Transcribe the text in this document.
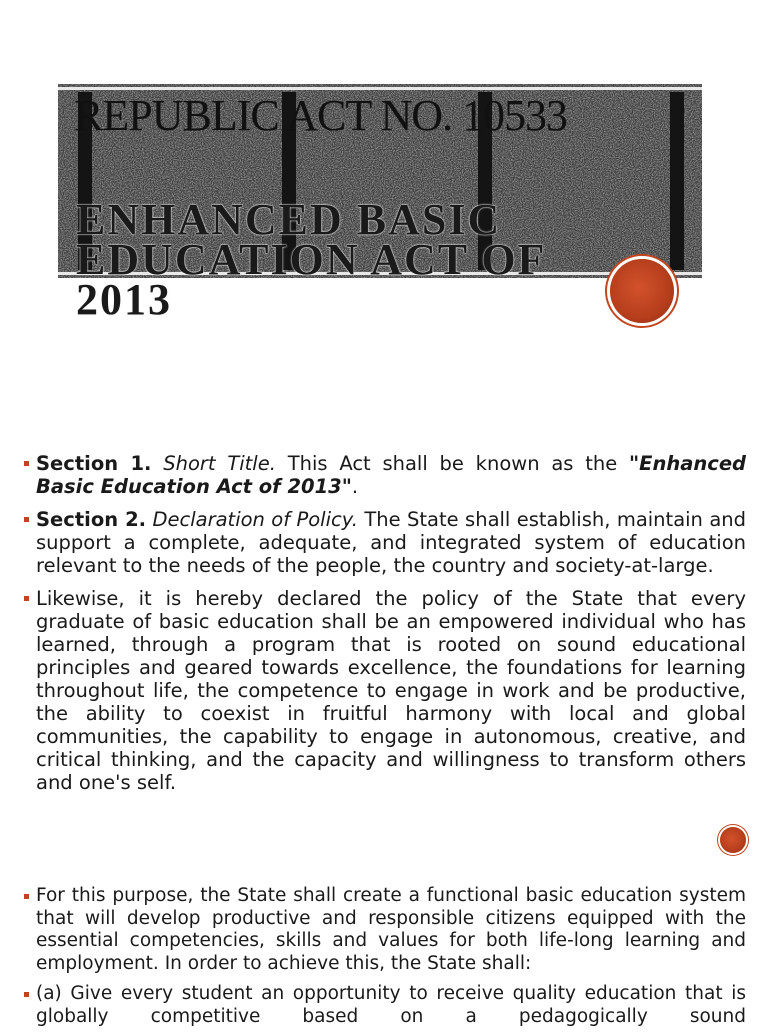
REPUBLIC ACT NO. 10533
ENHANCED BASIC EDUCATION ACT OF 2013
Section 1. Short Title. This Act shall be known as the "Enhanced Basic Education Act of 2013".
Section 2. Declaration of Policy. The State shall establish, maintain and support a complete, adequate, and integrated system of education relevant to the needs of the people, the country and society-at-large.
Likewise, it is hereby declared the policy of the State that every graduate of basic education shall be an empowered individual who has learned, through a program that is rooted on sound educational principles and geared towards excellence, the foundations for learning throughout life, the competence to engage in work and be productive, the ability to coexist in fruitful harmony with local and global communities, the capability to engage in autonomous, creative, and critical thinking, and the capacity and willingness to transform others and one's self.
For this purpose, the State shall create a functional basic education system that will develop productive and responsible citizens equipped with the essential competencies, skills and values for both life-long learning and employment. In order to achieve this, the State shall:
(a) Give every student an opportunity to receive quality education that is globally competitive based on a pedagogically sound
